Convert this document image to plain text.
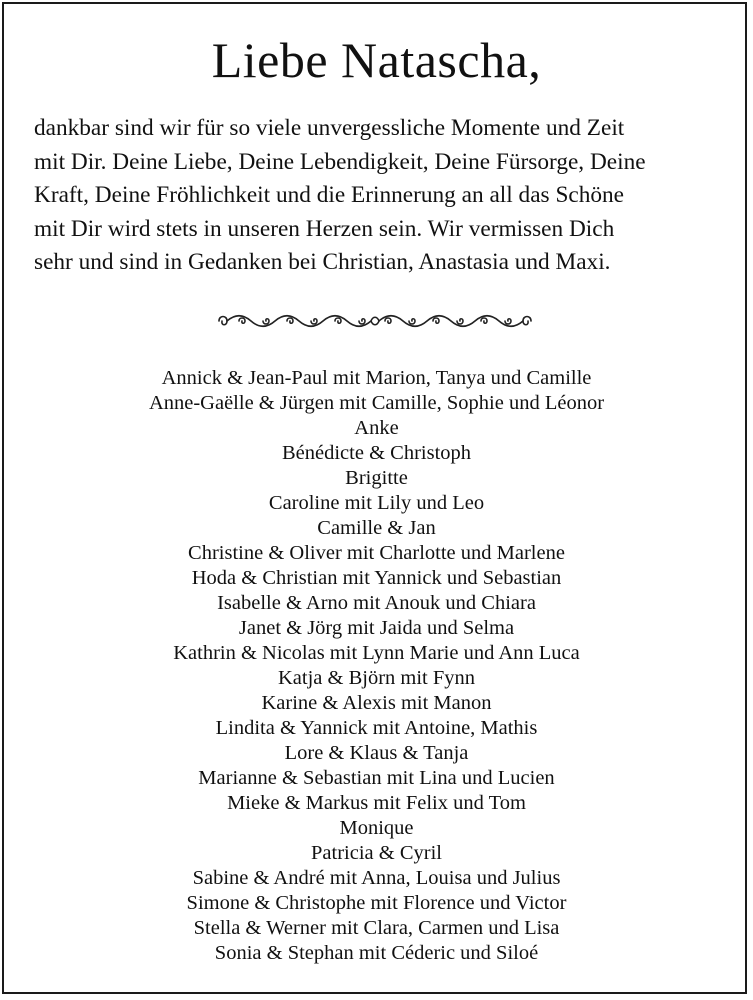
Liebe Natascha,

dankbar sind wir für so viele unvergessliche Momente und Zeit
mit Dir. Deine Liebe, Deine Lebendigkeit, Deine Fürsorge, Deine
Kraft, Deine Fröhlichkeit und die Erinnerung an all das Schöne
mit Dir wird stets in unseren Herzen sein. Wir vermissen Dich
sehr und sind in Gedanken bei Christian, Anastasia und Maxi.

Annick & Jean-Paul mit Marion, Tanya und Camille
Anne-Gaëlle & Jürgen mit Camille, Sophie und Léonor
Anke
Bénédicte & Christoph
Brigitte
Caroline mit Lily und Leo
Camille & Jan
Christine & Oliver mit Charlotte und Marlene
Hoda & Christian mit Yannick und Sebastian
Isabelle & Arno mit Anouk und Chiara
Janet & Jörg mit Jaida und Selma
Kathrin & Nicolas mit Lynn Marie und Ann Luca
Katja & Björn mit Fynn
Karine & Alexis mit Manon
Lindita & Yannick mit Antoine, Mathis
Lore & Klaus & Tanja
Marianne & Sebastian mit Lina und Lucien
Mieke & Markus mit Felix und Tom
Monique
Patricia & Cyril
Sabine & André mit Anna, Louisa und Julius
Simone & Christophe mit Florence und Victor
Stella & Werner mit Clara, Carmen und Lisa
Sonia & Stephan mit Céderic und Siloé
